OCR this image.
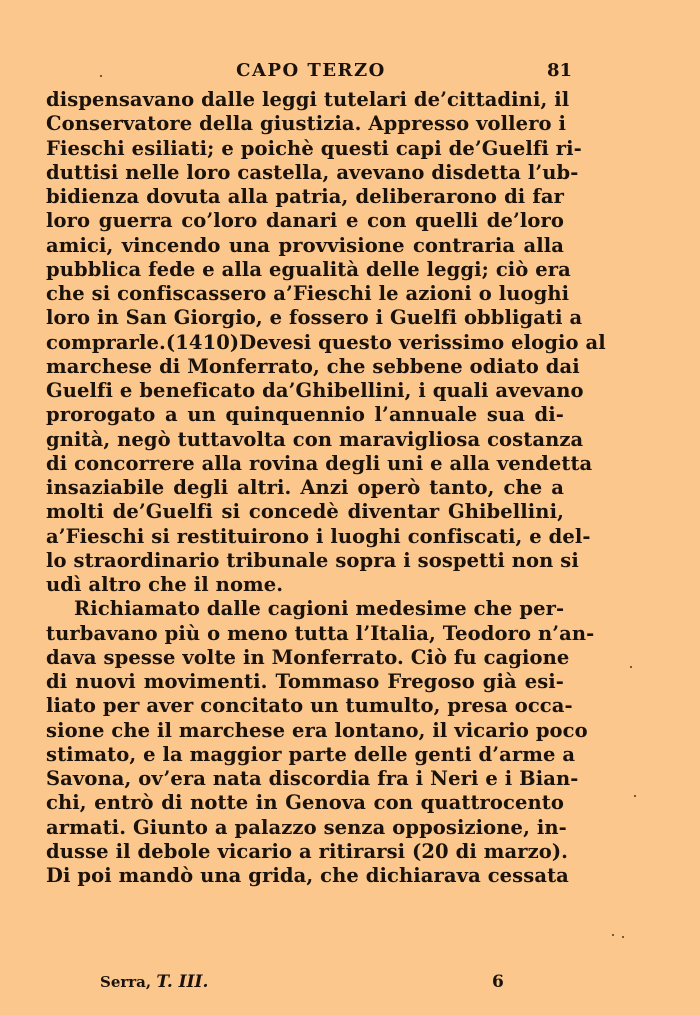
CAPO TERZO	81
dispensavano dalle leggi tutelari de’cittadini, il
Conservatore della giustizia. Appresso vollero i
Fieschi esiliati; e poichè questi capi de’Guelfi ri-
duttisi nelle loro castella, avevano disdetta l’ub-
bidienza dovuta alla patria, deliberarono di far
loro guerra co’loro danari e con quelli de’loro
amici, vincendo una provvisione contraria alla
pubblica fede e alla egualità delle leggi; ciò era
che si confiscassero a’Fieschi le azioni o luoghi
loro in San Giorgio, e fossero i Guelfi obbligati a
comprarle.(1410)Devesi questo verissimo elogio al
marchese di Monferrato, che sebbene odiato dai
Guelfi e beneficato da’Ghibellini, i quali avevano
prorogato a un quinquennio l’annuale sua di-
gnità, negò tuttavolta con maravigliosa costanza
di concorrere alla rovina degli uni e alla vendetta
insaziabile degli altri. Anzi operò tanto, che a
molti de’Guelfi si concedè diventar Ghibellini,
a’Fieschi si restituirono i luoghi confiscati, e del-
lo straordinario tribunale sopra i sospetti non si
udì altro che il nome.
Richiamato dalle cagioni medesime che per-
turbavano più o meno tutta l’Italia, Teodoro n’an-
dava spesse volte in Monferrato. Ciò fu cagione
di nuovi movimenti. Tommaso Fregoso già esi-
liato per aver concitato un tumulto, presa occa-
sione che il marchese era lontano, il vicario poco
stimato, e la maggior parte delle genti d’arme a
Savona, ov’era nata discordia fra i Neri e i Bian-
chi, entrò di notte in Genova con quattrocento
armati. Giunto a palazzo senza opposizione, in-
dusse il debole vicario a ritirarsi (20 di marzo).
Di poi mandò una grida, che dichiarava cessata
Serra, T. III.	6
